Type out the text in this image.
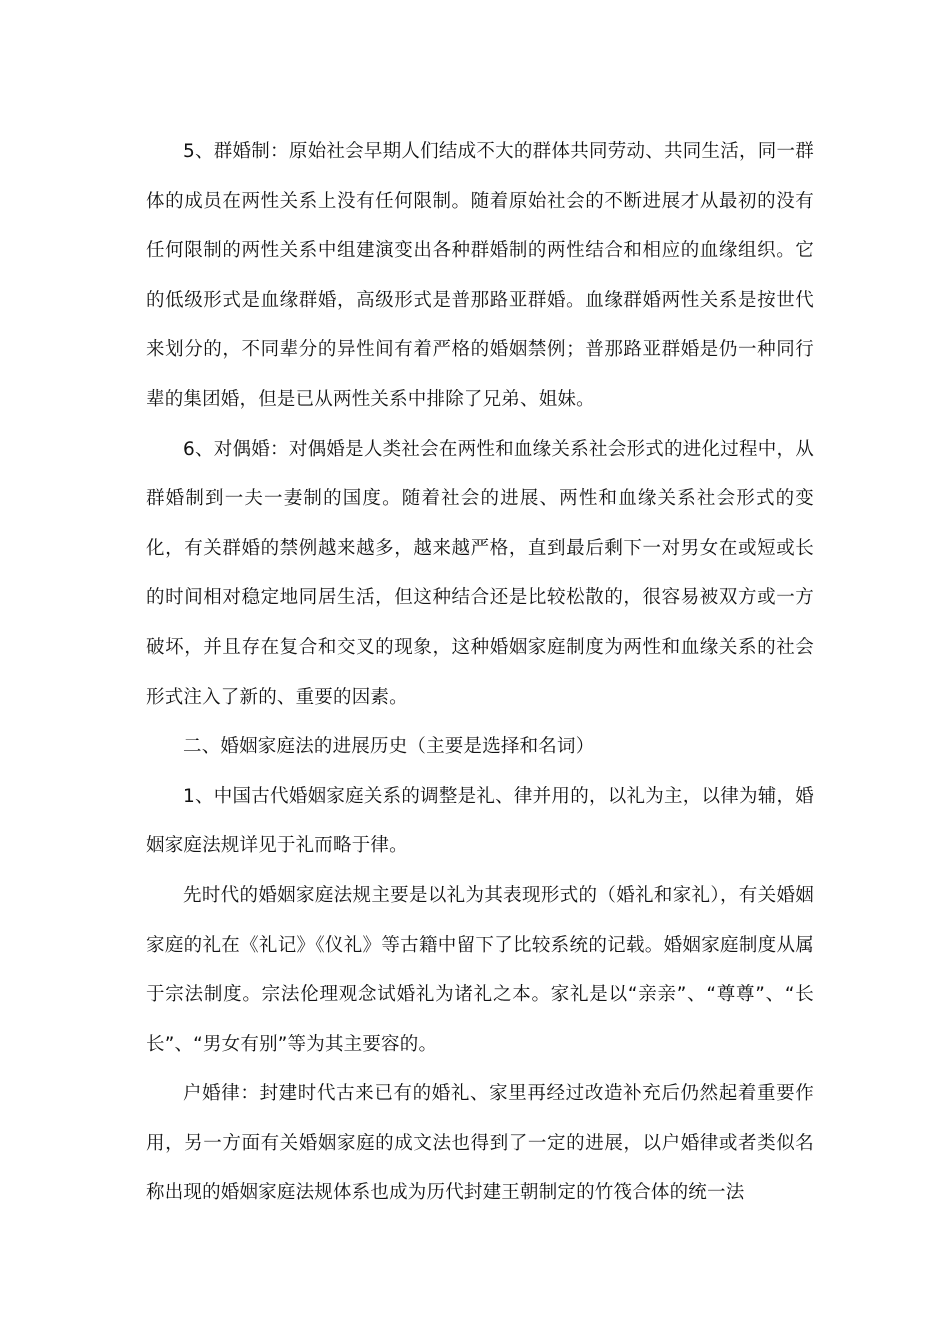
5、群婚制：原始社会早期人们结成不大的群体共同劳动、共同生活，同一群体的成员在两性关系上没有任何限制。随着原始社会的不断进展才从最初的没有任何限制的两性关系中组建演变出各种群婚制的两性结合和相应的血缘组织。它的低级形式是血缘群婚，高级形式是普那路亚群婚。血缘群婚两性关系是按世代来划分的，不同辈分的异性间有着严格的婚姻禁例；普那路亚群婚是仍一种同行辈的集团婚，但是已从两性关系中排除了兄弟、姐妹。

6、对偶婚：对偶婚是人类社会在两性和血缘关系社会形式的进化过程中，从群婚制到一夫一妻制的国度。随着社会的进展、两性和血缘关系社会形式的变化，有关群婚的禁例越来越多，越来越严格，直到最后剩下一对男女在或短或长的时间相对稳定地同居生活，但这种结合还是比较松散的，很容易被双方或一方破坏，并且存在复合和交叉的现象，这种婚姻家庭制度为两性和血缘关系的社会形式注入了新的、重要的因素。

二、婚姻家庭法的进展历史（主要是选择和名词）

1、中国古代婚姻家庭关系的调整是礼、律并用的，以礼为主，以律为辅，婚姻家庭法规详见于礼而略于律。

先时代的婚姻家庭法规主要是以礼为其表现形式的（婚礼和家礼），有关婚姻家庭的礼在《礼记》《仪礼》等古籍中留下了比较系统的记载。婚姻家庭制度从属于宗法制度。宗法伦理观念试婚礼为诸礼之本。家礼是以“亲亲”、“尊尊”、“长长”、“男女有别”等为其主要容的。

户婚律：封建时代古来已有的婚礼、家里再经过改造补充后仍然起着重要作用，另一方面有关婚姻家庭的成文法也得到了一定的进展，以户婚律或者类似名称出现的婚姻家庭法规体系也成为历代封建王朝制定的竹筏合体的统一法
